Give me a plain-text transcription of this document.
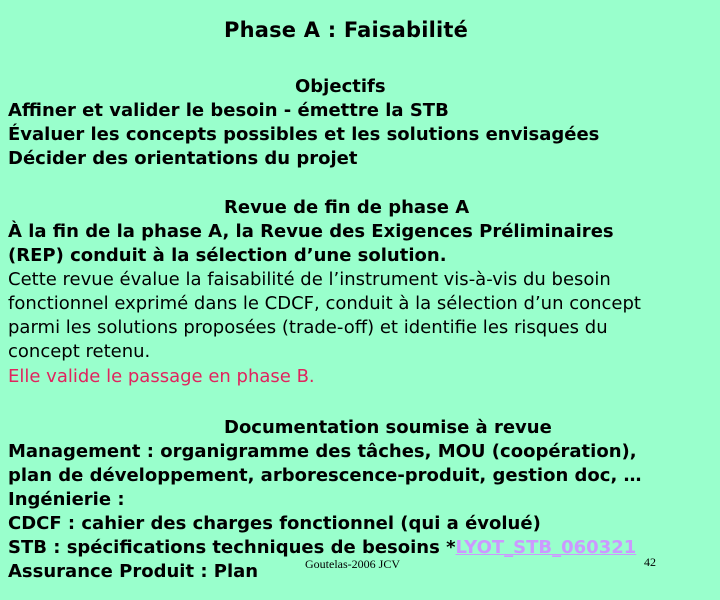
Phase A : Faisabilité
Objectifs
Affiner et valider le besoin - émettre la STB
Évaluer les concepts possibles et les solutions envisagées
Décider des orientations du projet
Revue de fin de phase A
À la fin de la phase A, la Revue des Exigences Préliminaires
(REP) conduit à la sélection d’une solution.
Cette revue évalue la faisabilité de l’instrument vis-à-vis du besoin
fonctionnel exprimé dans le CDCF, conduit à la sélection d’un concept
parmi les solutions proposées (trade-off) et identifie les risques du
concept retenu.
Elle valide le passage en phase B.
Documentation soumise à revue
Management : organigramme des tâches, MOU (coopération),
plan de développement, arborescence-produit, gestion doc, …
Ingénierie :
CDCF : cahier des charges fonctionnel (qui a évolué)
STB : spécifications techniques de besoins *LYOT_STB_060321
Assurance Produit : Plan	Goutelas-2006 JCV	42
